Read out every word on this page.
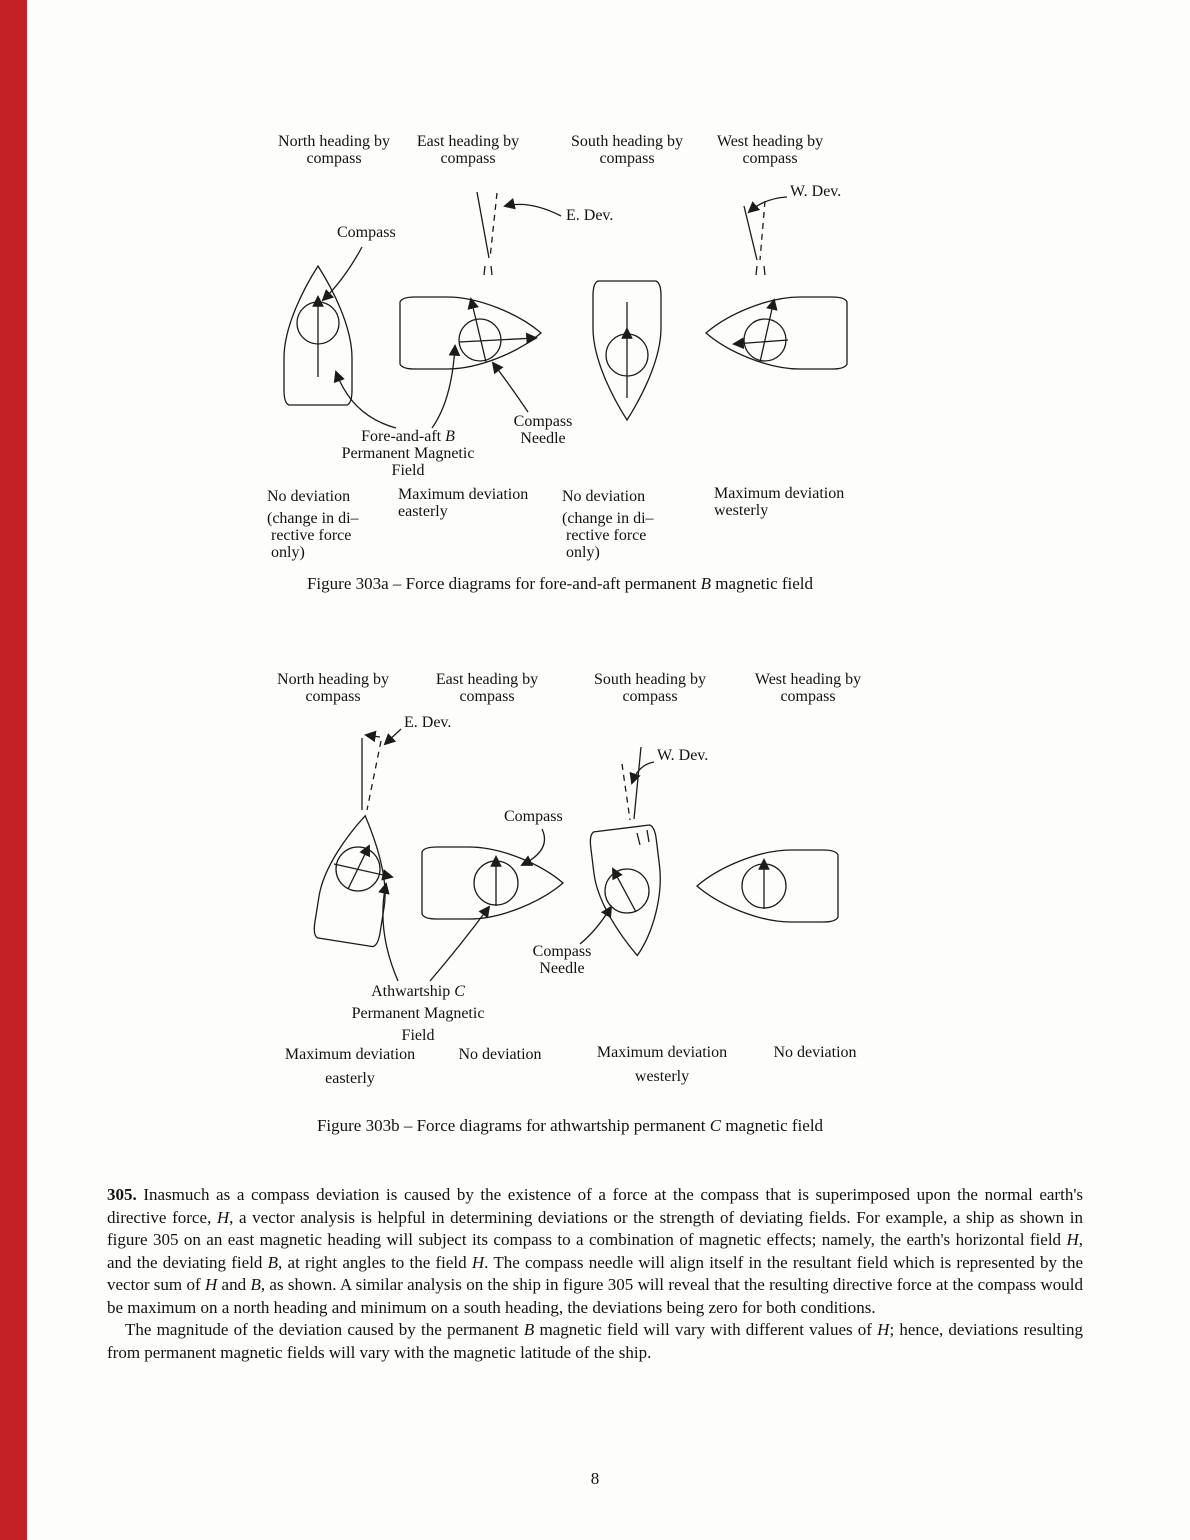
North heading by
compass
East heading by
compass
South heading by
compass
West heading by
compass
Compass
E. Dev.
W. Dev.
Compass
Needle
Fore-and-aft B
Permanent Magnetic
Field
No deviation
(change in di–
rective force
only)
Maximum deviation
easterly
No deviation
(change in di–
rective force
only)
Maximum deviation
westerly
Figure 303a – Force diagrams for fore-and-aft permanent B magnetic field
North heading by
compass
East heading by
compass
South heading by
compass
West heading by
compass
E. Dev.
W. Dev.
Compass
Compass
Needle
Athwartship C
Permanent Magnetic
Field
Maximum deviation
easterly
No deviation	Maximum deviation
westerly
No deviation
Figure 303b – Force diagrams for athwartship permanent C magnetic field

305. Inasmuch as a compass deviation is caused by the existence of a force at the compass that is superimposed upon the normal earth's directive force, H, a vector analysis is helpful in determining deviations or the strength of deviating fields. For example, a ship as shown in figure 305 on an east magnetic heading will subject its compass to a combination of magnetic effects; namely, the earth's horizontal field H, and the deviating field B, at right angles to the field H. The compass needle will align itself in the resultant field which is represented by the vector sum of H and B, as shown. A similar analysis on the ship in figure 305 will reveal that the resulting directive force at the compass would be maximum on a north heading and minimum on a south heading, the deviations being zero for both conditions.

The magnitude of the deviation caused by the permanent B magnetic field will vary with different values of H; hence, deviations resulting from permanent magnetic fields will vary with the magnetic latitude of the ship.

8
